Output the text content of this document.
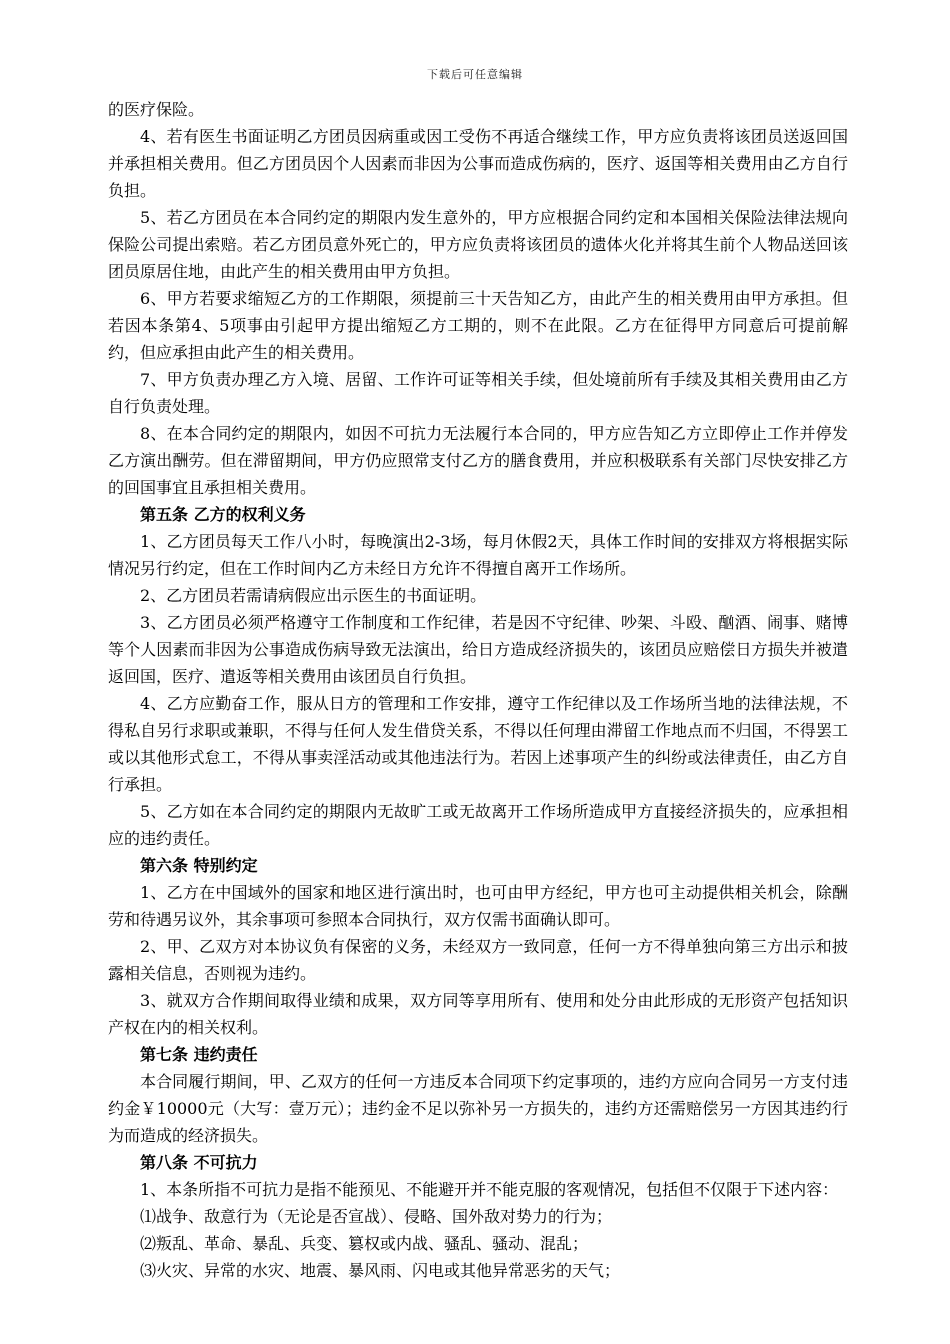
下载后可任意编辑

的医疗保险。

4、若有医生书面证明乙方团员因病重或因工受伤不再适合继续工作，甲方应负责将该团员送返回国并承担相关费用。但乙方团员因个人因素而非因为公事而造成伤病的，医疗、返国等相关费用由乙方自行负担。

5、若乙方团员在本合同约定的期限内发生意外的，甲方应根据合同约定和本国相关保险法律法规向保险公司提出索赔。若乙方团员意外死亡的，甲方应负责将该团员的遗体火化并将其生前个人物品送回该团员原居住地，由此产生的相关费用由甲方负担。

6、甲方若要求缩短乙方的工作期限，须提前三十天告知乙方，由此产生的相关费用由甲方承担。但若因本条第4、5项事由引起甲方提出缩短乙方工期的，则不在此限。乙方在征得甲方同意后可提前解约，但应承担由此产生的相关费用。

7、甲方负责办理乙方入境、居留、工作许可证等相关手续，但处境前所有手续及其相关费用由乙方自行负责处理。

8、在本合同约定的期限内，如因不可抗力无法履行本合同的，甲方应告知乙方立即停止工作并停发乙方演出酬劳。但在滞留期间，甲方仍应照常支付乙方的膳食费用，并应积极联系有关部门尽快安排乙方的回国事宜且承担相关费用。

第五条 乙方的权利义务

1、乙方团员每天工作八小时，每晚演出2-3场，每月休假2天，具体工作时间的安排双方将根据实际情况另行约定，但在工作时间内乙方未经日方允许不得擅自离开工作场所。

2、乙方团员若需请病假应出示医生的书面证明。

3、乙方团员必须严格遵守工作制度和工作纪律，若是因不守纪律、吵架、斗殴、酗酒、闹事、赌博等个人因素而非因为公事造成伤病导致无法演出，给日方造成经济损失的，该团员应赔偿日方损失并被遣返回国，医疗、遣返等相关费用由该团员自行负担。

4、乙方应勤奋工作，服从日方的管理和工作安排，遵守工作纪律以及工作场所当地的法律法规，不得私自另行求职或兼职，不得与任何人发生借贷关系，不得以任何理由滞留工作地点而不归国，不得罢工或以其他形式怠工，不得从事卖淫活动或其他违法行为。若因上述事项产生的纠纷或法律责任，由乙方自行承担。

5、乙方如在本合同约定的期限内无故旷工或无故离开工作场所造成甲方直接经济损失的，应承担相应的违约责任。

第六条 特别约定

1、乙方在中国域外的国家和地区进行演出时，也可由甲方经纪，甲方也可主动提供相关机会，除酬劳和待遇另议外，其余事项可参照本合同执行，双方仅需书面确认即可。

2、甲、乙双方对本协议负有保密的义务，未经双方一致同意，任何一方不得单独向第三方出示和披露相关信息，否则视为违约。

3、就双方合作期间取得业绩和成果，双方同等享用所有、使用和处分由此形成的无形资产包括知识产权在内的相关权利。

第七条 违约责任

本合同履行期间，甲、乙双方的任何一方违反本合同项下约定事项的，违约方应向合同另一方支付违约金￥10000元（大写：壹万元）；违约金不足以弥补另一方损失的，违约方还需赔偿另一方因其违约行为而造成的经济损失。

第八条 不可抗力

1、本条所指不可抗力是指不能预见、不能避开并不能克服的客观情况，包括但不仅限于下述内容：

⑴战争、敌意行为（无论是否宣战）、侵略、国外敌对势力的行为；

⑵叛乱、革命、暴乱、兵变、篡权或内战、骚乱、骚动、混乱；

⑶火灾、异常的水灾、地震、暴风雨、闪电或其他异常恶劣的天气；
